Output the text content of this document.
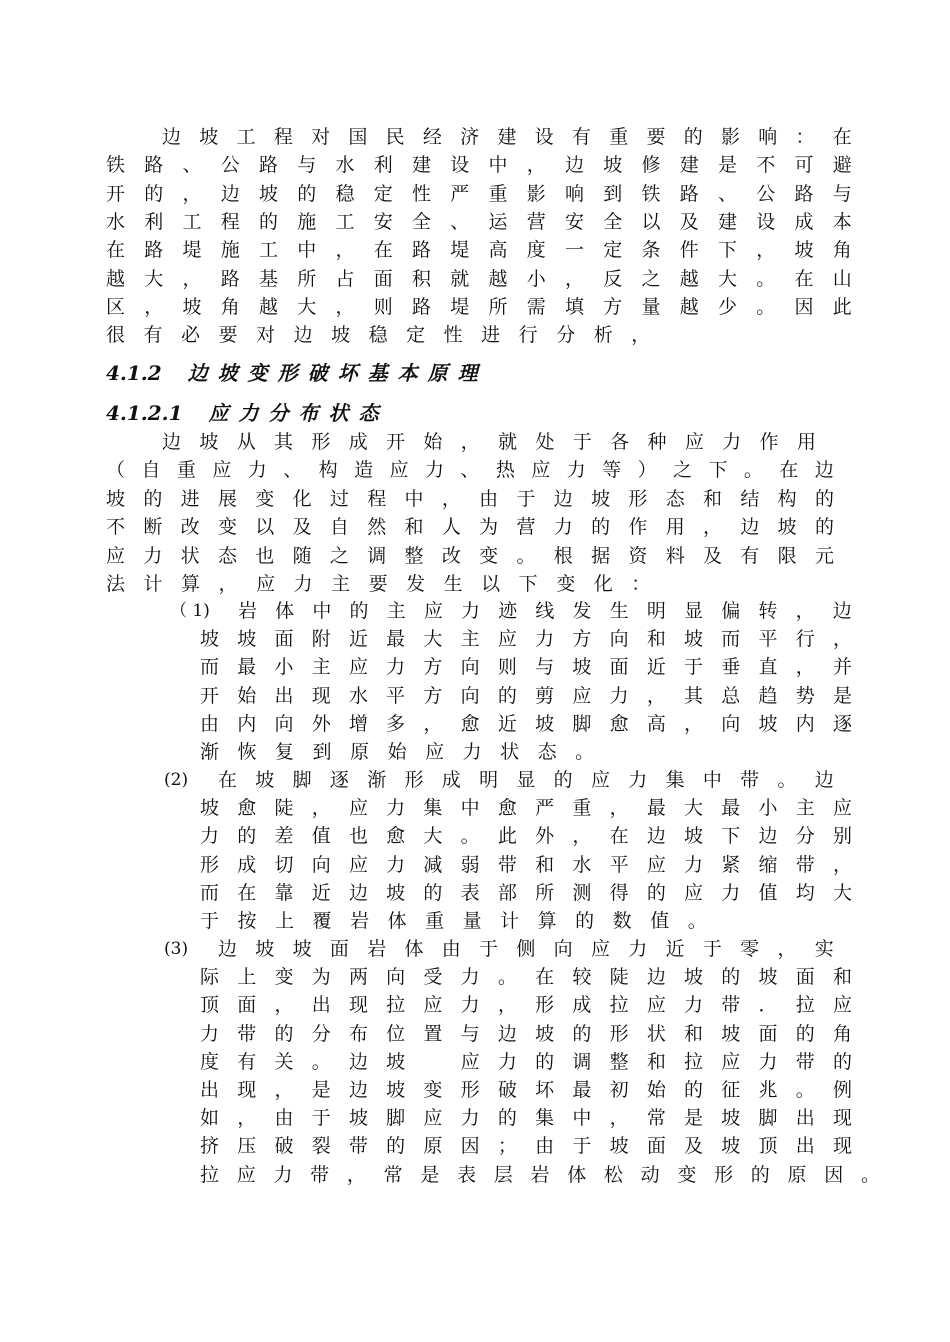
边 坡 工 程 对 国 民 经 济 建 设 有 重 要 的 影 响 ： 在
铁 路 、 公 路 与 水 利 建 设 中 ， 边 坡 修 建 是 不 可 避
开 的 ， 边 坡 的 稳 定 性 严 重 影 响 到 铁 路 、 公 路 与
水 利 工 程 的 施 工 安 全 、 运 营 安 全 以 及 建 设 成 本
在 路 堤 施 工 中 ， 在 路 堤 高 度 一 定 条 件 下 ， 坡 角
越 大 ， 路 基 所 占 面 积 就 越 小 ， 反 之 越 大 。 在 山
区 ， 坡 角 越 大 ， 则 路 堤 所 需 填 方 量 越 少 。 因 此
很 有 必 要 对 边 坡 稳 定 性 进 行 分 析 ，
4.1.2 边坡变形破坏基本原理
4.1.2.1 应力分布状态
边 坡 从 其 形 成 开 始 ， 就 处 于 各 种 应 力 作 用
（ 自 重 应 力 、 构 造 应 力 、 热 应 力 等 ） 之 下 。 在 边
坡 的 进 展 变 化 过 程 中 ， 由 于 边 坡 形 态 和 结 构 的
不 断 改 变 以 及 自 然 和 人 为 营 力 的 作 用 ， 边 坡 的
应 力 状 态 也 随 之 调 整 改 变 。 根 据 资 料 及 有 限 元
法 计 算 ， 应 力 主 要 发 生 以 下 变 化 ：
（ 1) 岩 体 中 的 主 应 力 迹 线 发 生 明 显 偏 转 ， 边
坡 坡 面 附 近 最 大 主 应 力 方 向 和 坡 而 平 行 ，
而 最 小 主 应 力 方 向 则 与 坡 面 近 于 垂 直 ， 并
开 始 出 现 水 平 方 向 的 剪 应 力 ， 其 总 趋 势 是
由 内 向 外 增 多 ， 愈 近 坡 脚 愈 高 ， 向 坡 内 逐
渐 恢 复 到 原 始 应 力 状 态 。
(2) 在 坡 脚 逐 渐 形 成 明 显 的 应 力 集 中 带 。 边
坡 愈 陡 ， 应 力 集 中 愈 严 重 ， 最 大 最 小 主 应
力 的 差 值 也 愈 大 。 此 外 ， 在 边 坡 下 边 分 别
形 成 切 向 应 力 减 弱 带 和 水 平 应 力 紧 缩 带 ，
而 在 靠 近 边 坡 的 表 部 所 测 得 的 应 力 值 均 大
于 按 上 覆 岩 体 重 量 计 算 的 数 值 。
(3) 边 坡 坡 面 岩 体 由 于 侧 向 应 力 近 于 零 ， 实
际 上 变 为 两 向 受 力 。 在 较 陡 边 坡 的 坡 面 和
顶 面 ， 出 现 拉 应 力 ， 形 成 拉 应 力 带 ． 拉 应
力 带 的 分 布 位 置 与 边 坡 的 形 状 和 坡 面 的 角
度 有 关 。 边 坡
　	应 力 的 调 整 和 拉 应 力 带 的
出 现 ， 是 边 坡 变 形 破 坏 最 初 始 的 征 兆 。 例
如 ， 由 于 坡 脚 应 力 的 集 中 ， 常 是 坡 脚 出 现
挤 压 破 裂 带 的 原 因 ； 由 于 坡 面 及 坡 顶 出 现
拉 应 力 带 ， 常 是 表 层 岩 体 松 动 变 形 的 原 因 。
